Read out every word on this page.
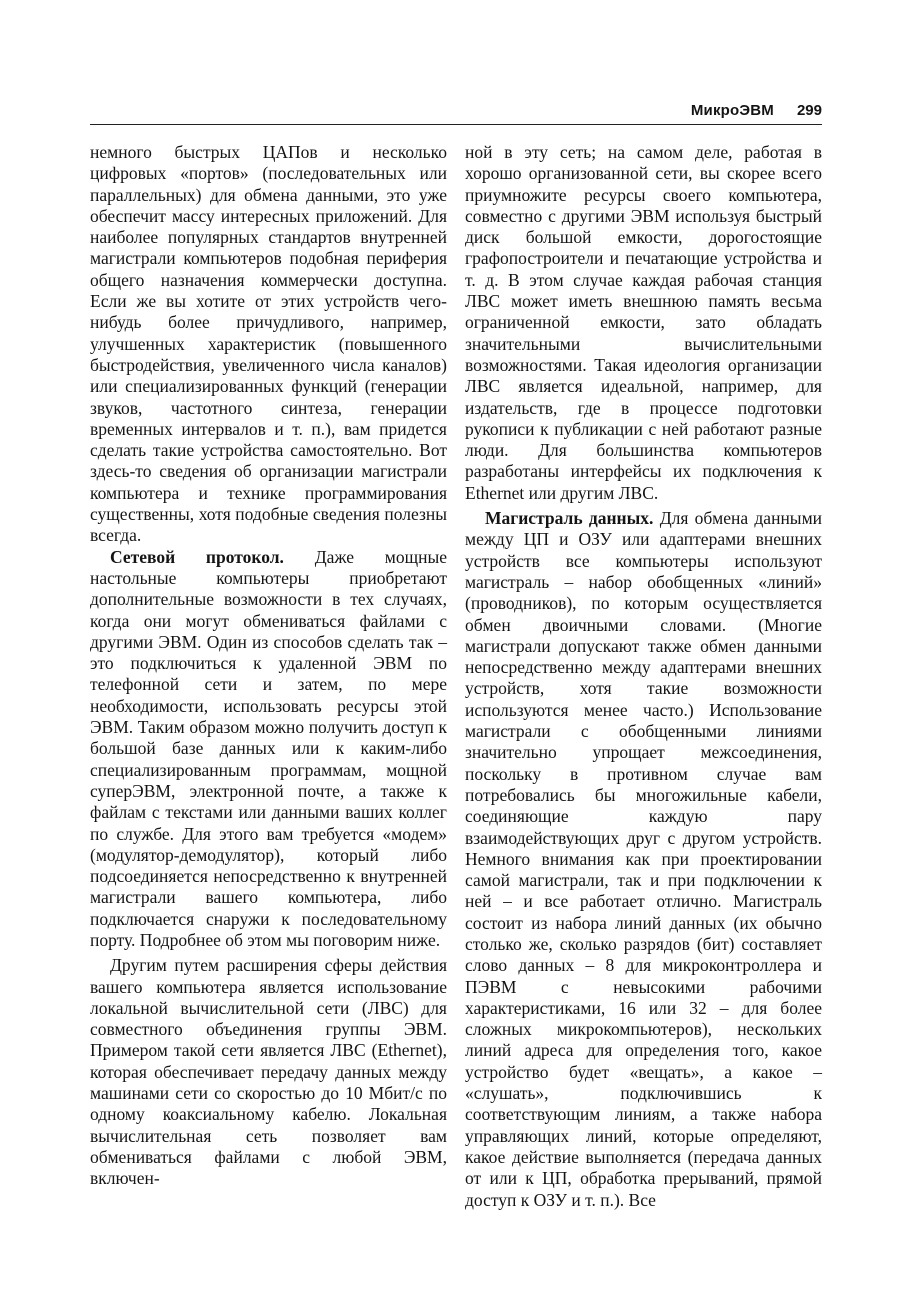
МикроЭВМ 299

немного быстрых ЦАПов и несколько цифровых «портов» (последовательных или параллельных) для обмена данными, это уже обеспечит массу интересных приложений. Для наиболее популярных стандартов внутренней магистрали компьютеров подобная периферия общего назначения коммерчески доступна. Если же вы хотите от этих устройств чего-нибудь более причудливого, например, улучшенных характеристик (повышенного быстродействия, увеличенного числа каналов) или специализированных функций (генерации звуков, частотного синтеза, генерации временных интервалов и т. п.), вам придется сделать такие устройства самостоятельно. Вот здесь-то сведения об организации магистрали компьютера и технике программирования существенны, хотя подобные сведения полезны всегда.

Сетевой протокол. Даже мощные настольные компьютеры приобретают дополнительные возможности в тех случаях, когда они могут обмениваться файлами с другими ЭВМ. Один из способов сделать так – это подключиться к удаленной ЭВМ по телефонной сети и затем, по мере необходимости, использовать ресурсы этой ЭВМ. Таким образом можно получить доступ к большой базе данных или к каким-либо специализированным программам, мощной суперЭВМ, электронной почте, а также к файлам с текстами или данными ваших коллег по службе. Для этого вам требуется «модем» (модулятор-демодулятор), который либо подсоединяется непосредственно к внутренней магистрали вашего компьютера, либо подключается снаружи к последовательному порту. Подробнее об этом мы поговорим ниже.

Другим путем расширения сферы действия вашего компьютера является использование локальной вычислительной сети (ЛВС) для совместного объединения группы ЭВМ. Примером такой сети является ЛВС (Ethernet), которая обеспечивает передачу данных между машинами сети со скоростью до 10 Мбит/с по одному коаксиальному кабелю. Локальная вычислительная сеть позволяет вам обмениваться файлами с любой ЭВМ, включен-

ной в эту сеть; на самом деле, работая в хорошо организованной сети, вы скорее всего приумножите ресурсы своего компьютера, совместно с другими ЭВМ используя быстрый диск большой емкости, дорогостоящие графопостроители и печатающие устройства и т. д. В этом случае каждая рабочая станция ЛВС может иметь внешнюю память весьма ограниченной емкости, зато обладать значительными вычислительными возможностями. Такая идеология организации ЛВС является идеальной, например, для издательств, где в процессе подготовки рукописи к публикации с ней работают разные люди. Для большинства компьютеров разработаны интерфейсы их подключения к Ethernet или другим ЛВС.

Магистраль данных. Для обмена данными между ЦП и ОЗУ или адаптерами внешних устройств все компьютеры используют магистраль – набор обобщенных «линий» (проводников), по которым осуществляется обмен двоичными словами. (Многие магистрали допускают также обмен данными непосредственно между адаптерами внешних устройств, хотя такие возможности используются менее часто.) Использование магистрали с обобщенными линиями значительно упрощает межсоединения, поскольку в противном случае вам потребовались бы многожильные кабели, соединяющие каждую пару взаимодействующих друг с другом устройств. Немного внимания как при проектировании самой магистрали, так и при подключении к ней – и все работает отлично. Магистраль состоит из набора линий данных (их обычно столько же, сколько разрядов (бит) составляет слово данных – 8 для микроконтроллера и ПЭВМ с невысокими рабочими характеристиками, 16 или 32 – для более сложных микрокомпьютеров), нескольких линий адреса для определения того, какое устройство будет «вещать», а какое – «слушать», подключившись к соответствующим линиям, а также набора управляющих линий, которые определяют, какое действие выполняется (передача данных от или к ЦП, обработка прерываний, прямой доступ к ОЗУ и т. п.). Все
